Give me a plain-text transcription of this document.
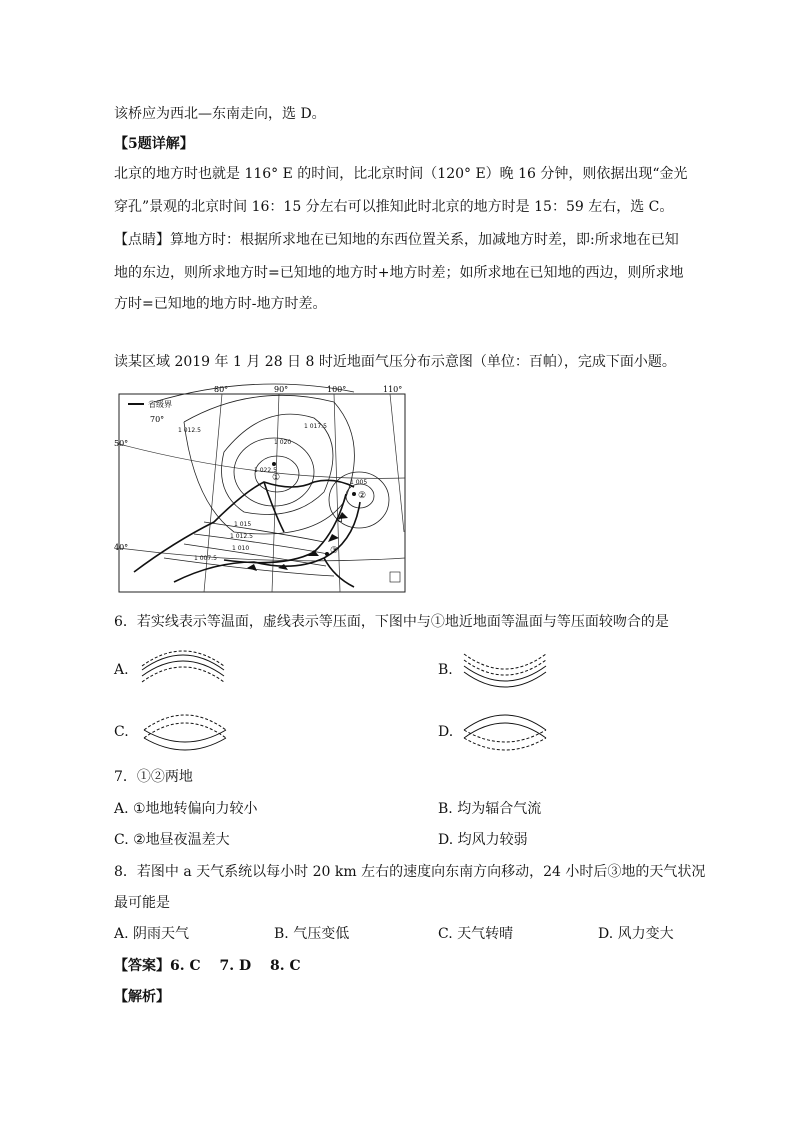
该桥应为西北—东南走向，选 D。
【5题详解】
北京的地方时也就是 116° E 的时间，比北京时间（120° E）晚 16 分钟，则依据出现“金光
穿孔”景观的北京时间 16：15 分左右可以推知此时北京的地方时是 15：59 左右，选 C。
【点睛】算地方时：根据所求地在已知地的东西位置关系，加减地方时差，即:所求地在已知
地的东边，则所求地方时=已知地的地方时+地方时差；如所求地在已知地的西边，则所求地
方时=已知地的地方时-地方时差。
读某区域 2019 年 1 月 28 日 8 时近地面气压分布示意图（单位：百帕），完成下面小题。
省级界
80°	90°	100°	110°
70°
50°
40°
a
1 017.5
1 020
1 022.5
1 012.5
1 005
1 015
1 012.5
1 010
1 007.5
①
②
③
6．若实线表示等温面，虚线表示等压面，下图中与①地近地面等温面与等压面较吻合的是
A.	B.
C.	D.
7．①②两地
A. ①地地转偏向力较小	B. 均为辐合气流
C. ②地昼夜温差大	D. 均风力较弱
8．若图中 a 天气系统以每小时 20 km 左右的速度向东南方向移动，24 小时后③地的天气状况
最可能是
A. 阴雨天气	B. 气压变低	C. 天气转晴	D. 风力变大
【答案】6. C　 7. D　 8. C
【解析】
